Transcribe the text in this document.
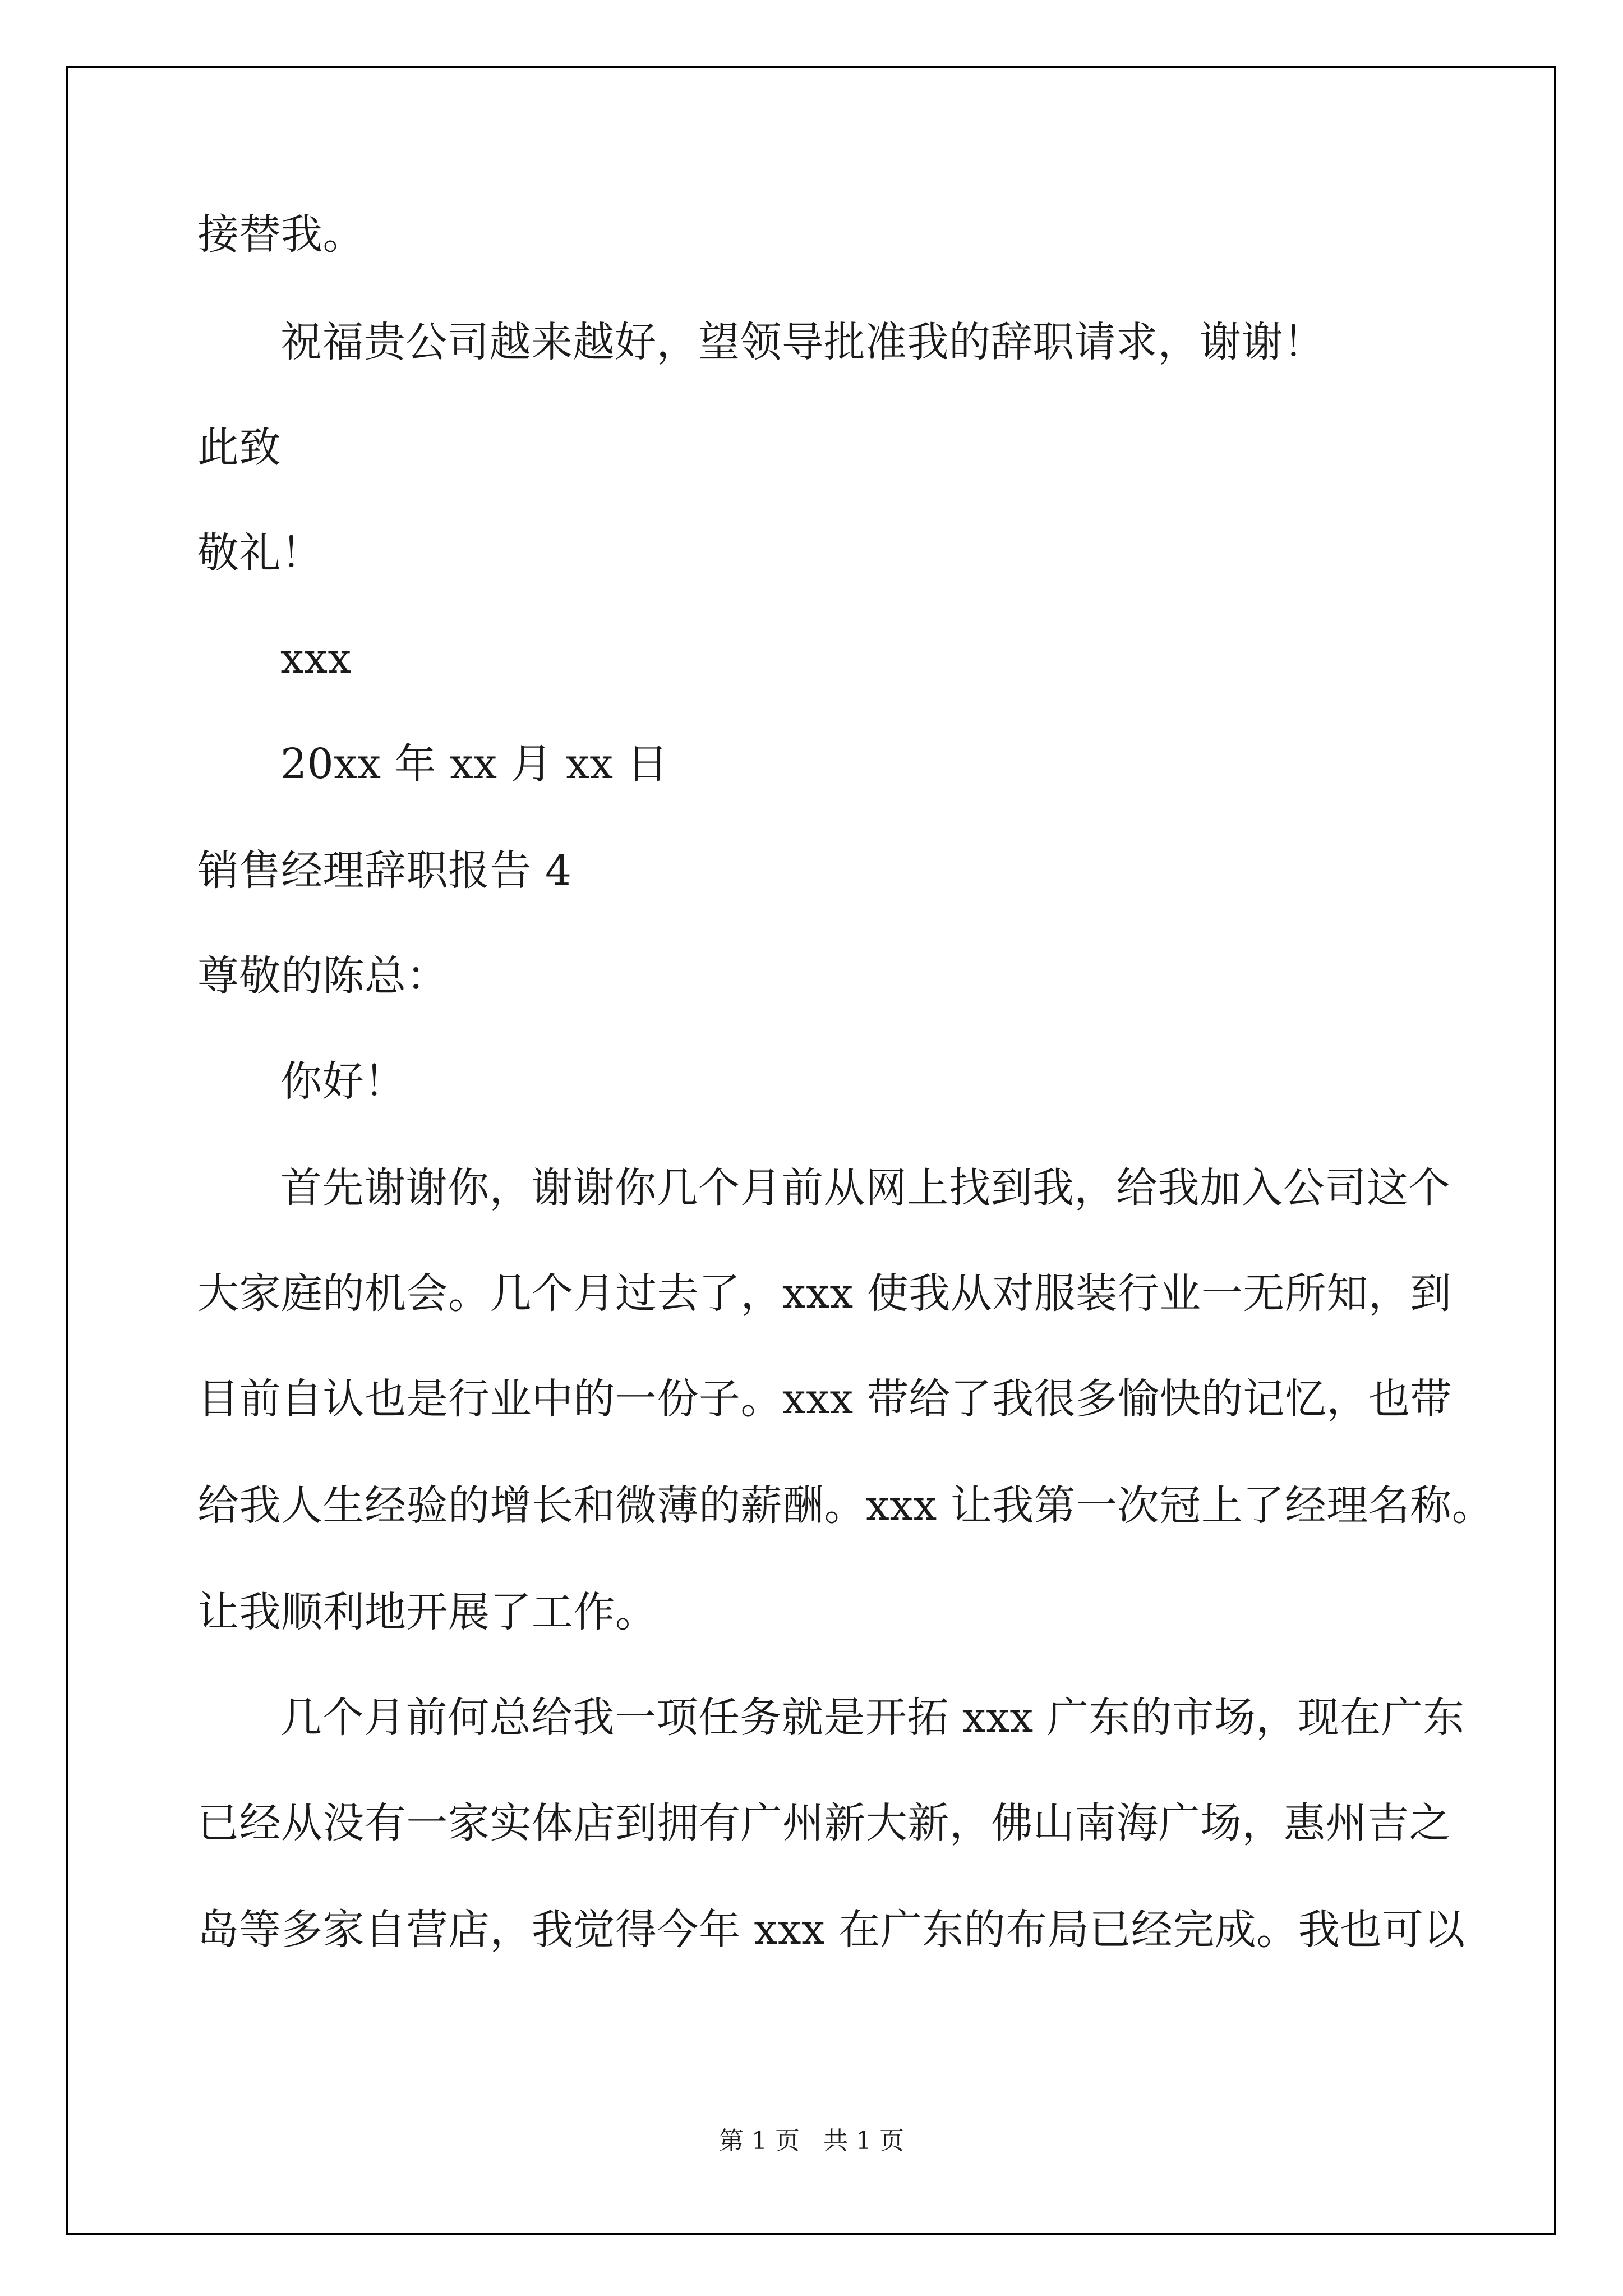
接替我。
祝福贵公司越来越好，望领导批准我的辞职请求，谢谢！
此致
敬礼！
xxx
20xx 年 xx 月 xx 日
销售经理辞职报告 4
尊敬的陈总：
你好！
首先谢谢你，谢谢你几个月前从网上找到我，给我加入公司这个
大家庭的机会。几个月过去了，xxx 使我从对服装行业一无所知，到
目前自认也是行业中的一份子。xxx 带给了我很多愉快的记忆，也带
给我人生经验的增长和微薄的薪酬。xxx 让我第一次冠上了经理名称。
让我顺利地开展了工作。
几个月前何总给我一项任务就是开拓 xxx 广东的市场，现在广东
已经从没有一家实体店到拥有广州新大新，佛山南海广场，惠州吉之
岛等多家自营店，我觉得今年 xxx 在广东的布局已经完成。我也可以
第 1 页   共 1 页
